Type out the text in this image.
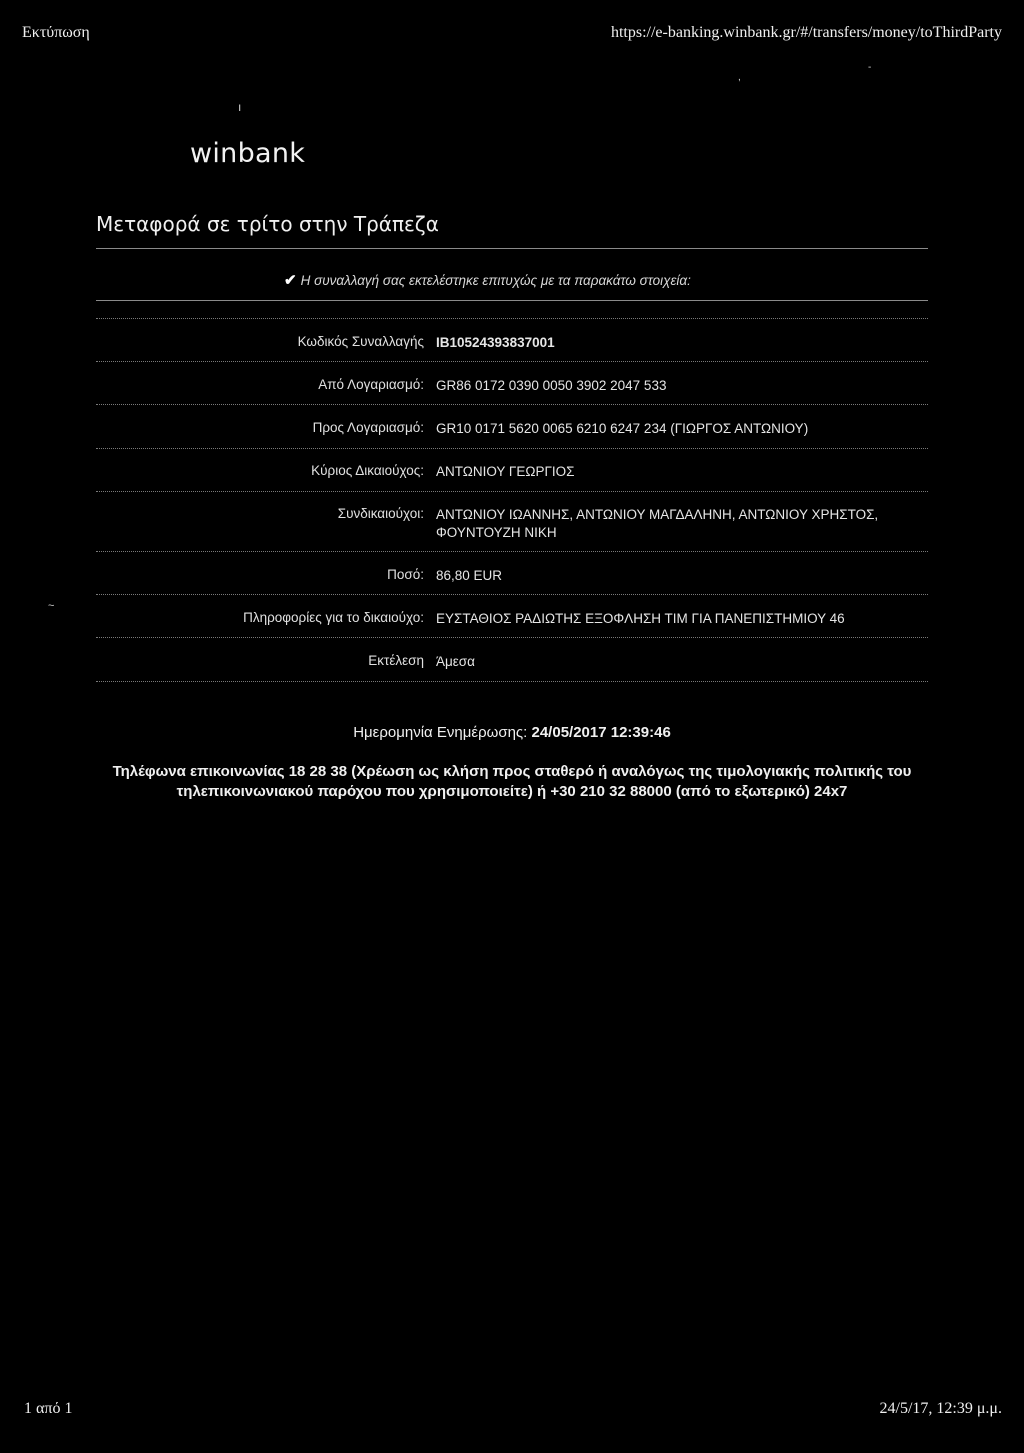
Εκτύπωση	https://e-banking.winbank.gr/#/transfers/money/toThirdParty
winbank
Μεταφορά σε τρίτο στην Τράπεζα
✔ Η συναλλαγή σας εκτελέστηκε επιτυχώς με τα παρακάτω στοιχεία:
Κωδικός Συναλλαγής IB10524393837001
Από Λογαριασμό: GR86 0172 0390 0050 3902 2047 533
Προς Λογαριασμό: GR10 0171 5620 0065 6210 6247 234 (ΓΙΩΡΓΟΣ ΑΝΤΩΝΙΟΥ)
Κύριος Δικαιούχος: ΑΝΤΩΝΙΟΥ ΓΕΩΡΓΙΟΣ
Συνδικαιούχοι: ΑΝΤΩΝΙΟΥ ΙΩΑΝΝΗΣ, ΑΝΤΩΝΙΟΥ ΜΑΓΔΑΛΗΝΗ, ΑΝΤΩΝΙΟΥ ΧΡΗΣΤΟΣ, ΦΟΥΝΤΟΥΖΗ ΝΙΚΗ
Ποσό: 86,80 EUR
Πληροφορίες για το δικαιούχο: ΕΥΣΤΑΘΙΟΣ ΡΑΔΙΩΤΗΣ ΕΞΟΦΛΗΣΗ ΤΙΜ ΓΙΑ ΠΑΝΕΠΙΣΤΗΜΙΟΥ 46
Εκτέλεση Άμεσα
Ημερομηνία Ενημέρωσης: 24/05/2017 12:39:46
Τηλέφωνα επικοινωνίας 18 28 38 (Χρέωση ως κλήση προς σταθερό ή αναλόγως της τιμολογιακής πολιτικής του τηλεπικοινωνιακού παρόχου που χρησιμοποιείτε) ή +30 210 32 88000 (από το εξωτερικό) 24x7
1 από 1	24/5/17, 12:39 μ.μ.
ı
-
,
~
